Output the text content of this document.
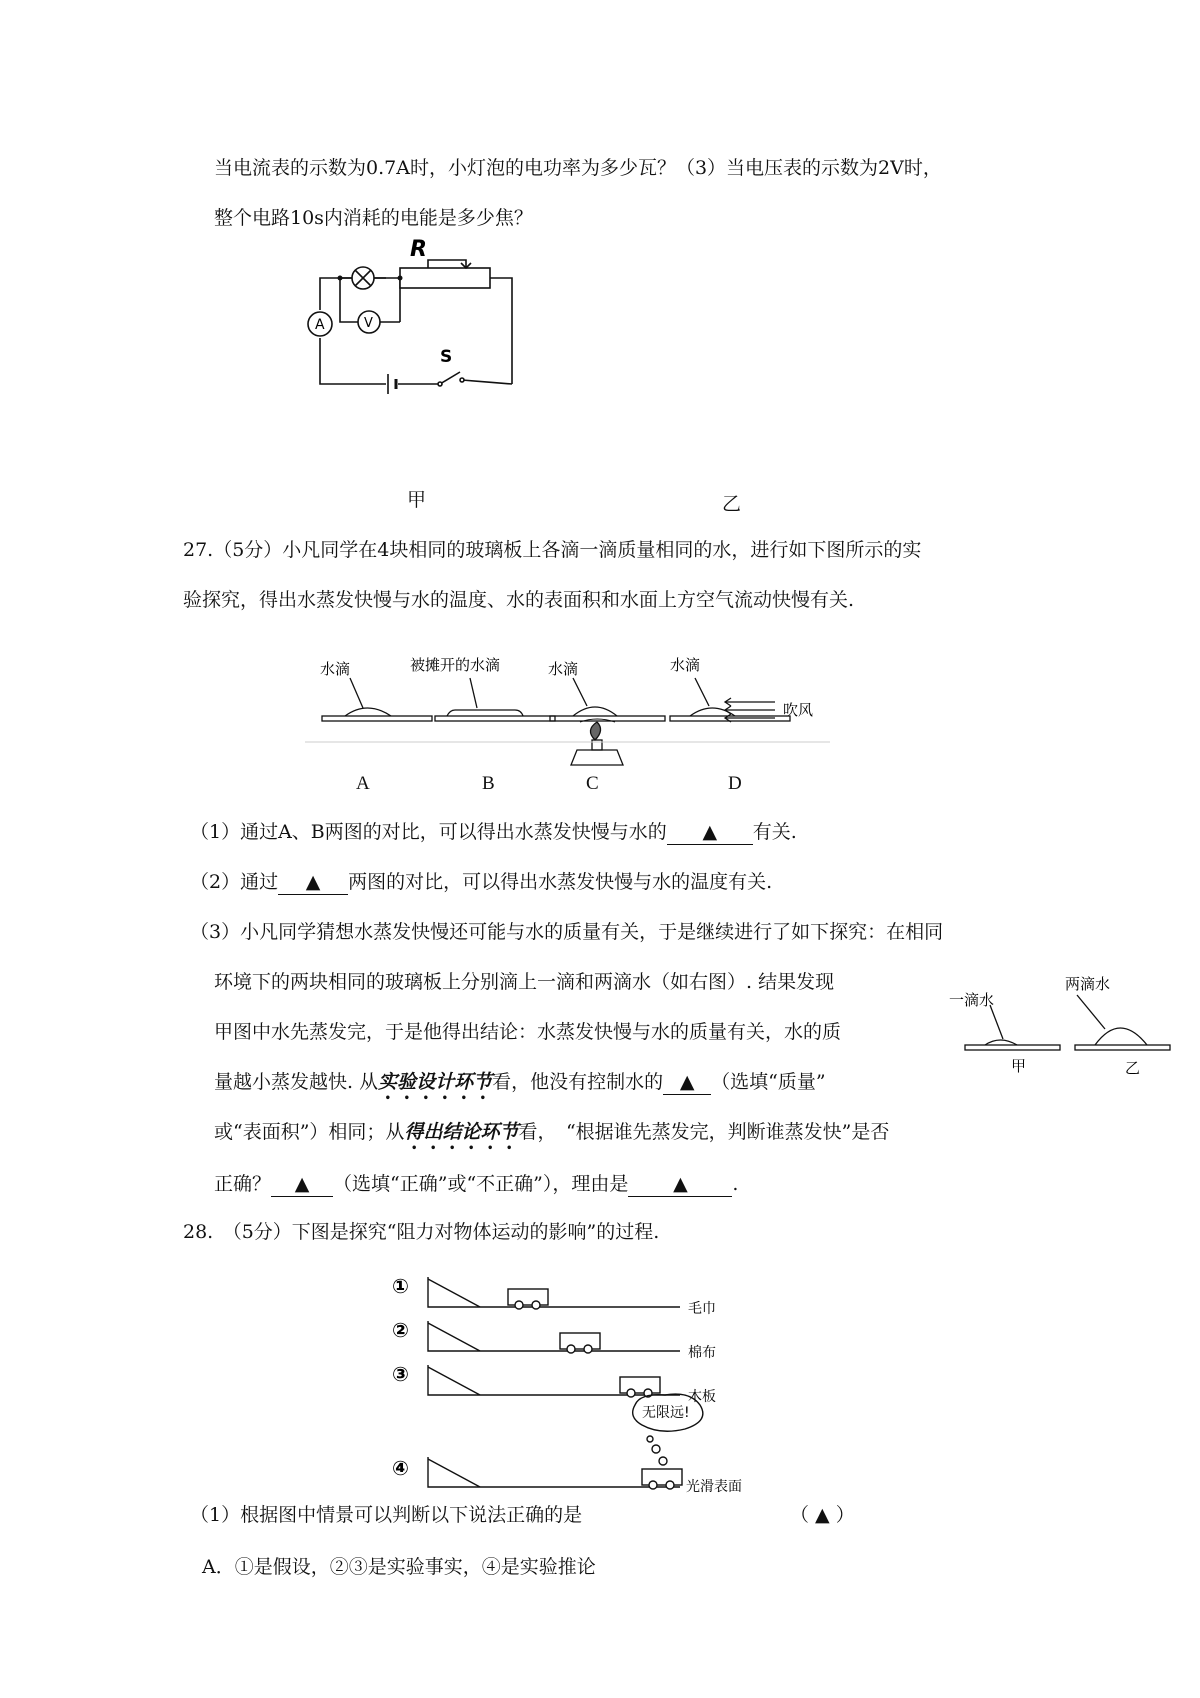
当电流表的示数为0.7A时，小灯泡的电功率为多少瓦？（3）当电压表的示数为2V时，
整个电路10s内消耗的电能是多少焦？
A	V
R
S
甲	乙
27.（5分）小凡同学在4块相同的玻璃板上各滴一滴质量相同的水，进行如下图所示的实
验探究，得出水蒸发快慢与水的温度、水的表面积和水面上方空气流动快慢有关.
水滴	被摊开的水滴	水滴	水滴
吹风
A	B	C	D
（1）通过A、B两图的对比，可以得出水蒸发快慢与水的 ▲ 有关.
（2）通过 ▲ 两图的对比，可以得出水蒸发快慢与水的温度有关.
（3）小凡同学猜想水蒸发快慢还可能与水的质量有关，于是继续进行了如下探究：在相同
环境下的两块相同的玻璃板上分别滴上一滴和两滴水（如右图）. 结果发现
甲图中水先蒸发完，于是他得出结论：水蒸发快慢与水的质量有关，水的质
量越小蒸发越快. 从实验设计环节看，他没有控制水的 ▲ （选填“质量”
或“表面积”）相同；从得出结论环节看，　“根据谁先蒸发完，判断谁蒸发快”是否
正确？ ▲ （选填“正确”或“不正确”），理由是 ▲ .
一滴水
两滴水
甲	乙
28.　（5分）下图是探究“阻力对物体运动的影响”的过程.
①
②
③
④
毛巾
棉布
木板
光滑表面
无限远!
（1）根据图中情景可以判断以下说法正确的是	（ ▲ ）
A．①是假设，②③是实验事实，④是实验推论
